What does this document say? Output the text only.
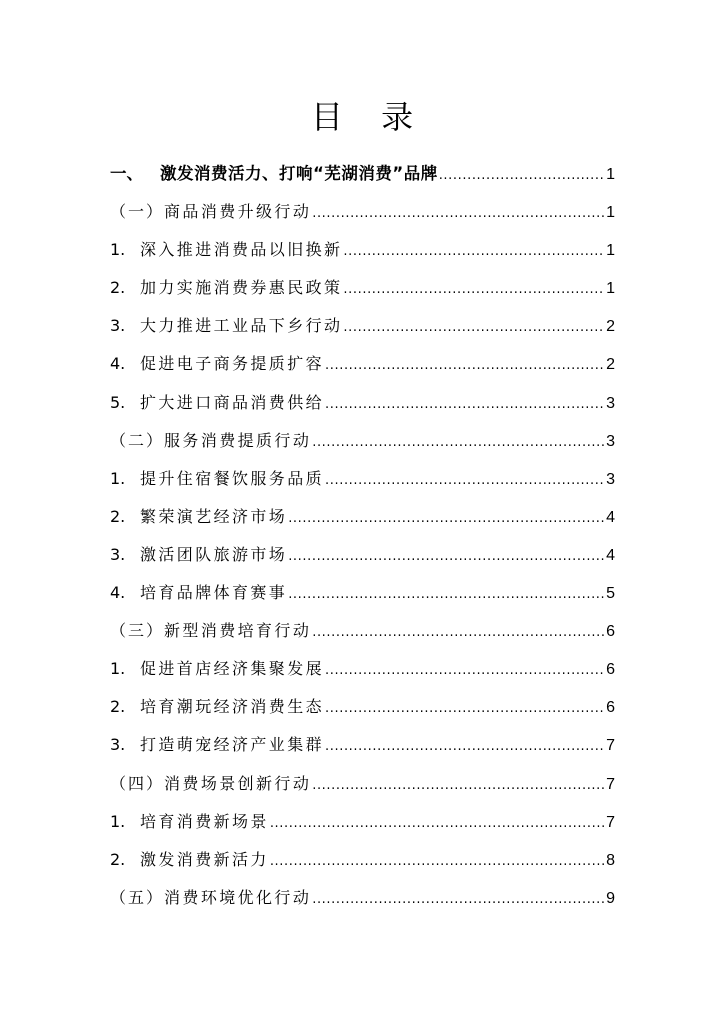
目 录
一、	激发消费活力、打响“芜湖消费”品牌 .....	1
（一） 商品消费升级行动 .....	1
1. 深入推进消费品以旧换新 .....	1
2. 加力实施消费券惠民政策 .....	1
3. 大力推进工业品下乡行动 .....	2
4. 促进电子商务提质扩容 .....	2
5. 扩大进口商品消费供给 .....	3
（二） 服务消费提质行动 .....	3
1. 提升住宿餐饮服务品质 .....	3
2. 繁荣演艺经济市场 .....	4
3. 激活团队旅游市场 .....	4
4. 培育品牌体育赛事 .....	5
（三） 新型消费培育行动 .....	6
1. 促进首店经济集聚发展 .....	6
2. 培育潮玩经济消费生态 .....	6
3. 打造萌宠经济产业集群 .....	7
（四） 消费场景创新行动 .....	7
1. 培育消费新场景 .....	7
2. 激发消费新活力 .....	8
（五） 消费环境优化行动 .....	9
